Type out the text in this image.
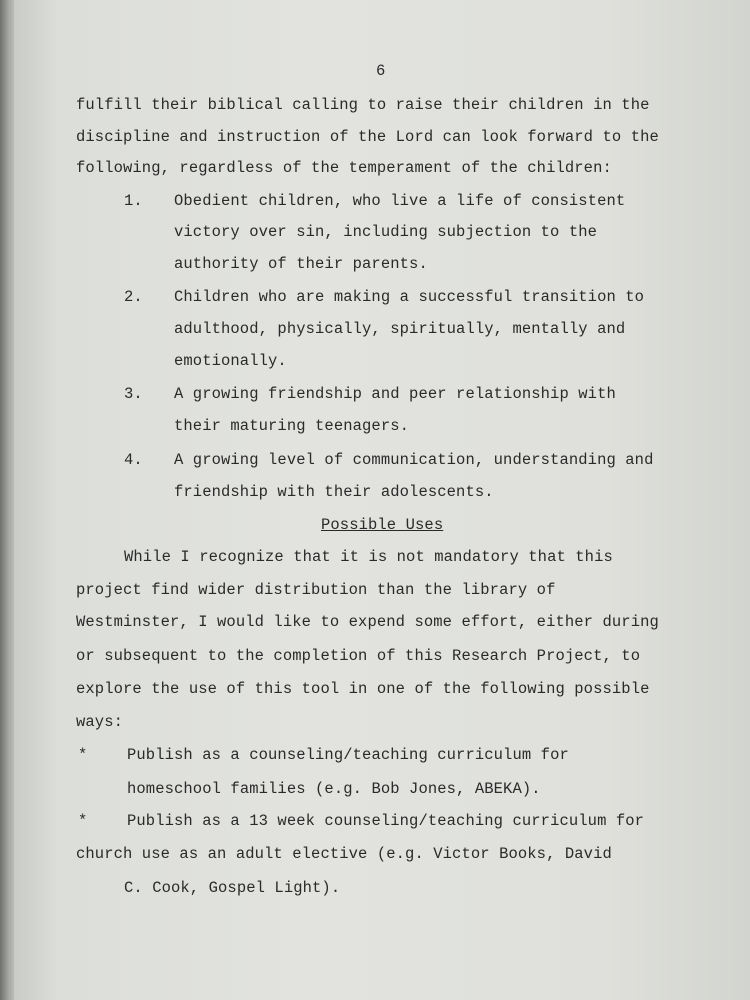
6
fulfill their biblical calling to raise their children in the
discipline and instruction of the Lord can look forward to the
following, regardless of the temperament of the children:
1. Obedient children, who live a life of consistent
victory over sin, including subjection to the
authority of their parents.
2. Children who are making a successful transition to
adulthood, physically, spiritually, mentally and
emotionally.
3. A growing friendship and peer relationship with
their maturing teenagers.
4. A growing level of communication, understanding and
friendship with their adolescents.
Possible Uses
While I recognize that it is not mandatory that this
project find wider distribution than the library of
Westminster, I would like to expend some effort, either during
or subsequent to the completion of this Research Project, to
explore the use of this tool in one of the following possible
ways:
*	Publish as a counseling/teaching curriculum for
homeschool families (e.g. Bob Jones, ABEKA).
*	Publish as a 13 week counseling/teaching curriculum for
church use as an adult elective (e.g. Victor Books, David
C. Cook, Gospel Light).
